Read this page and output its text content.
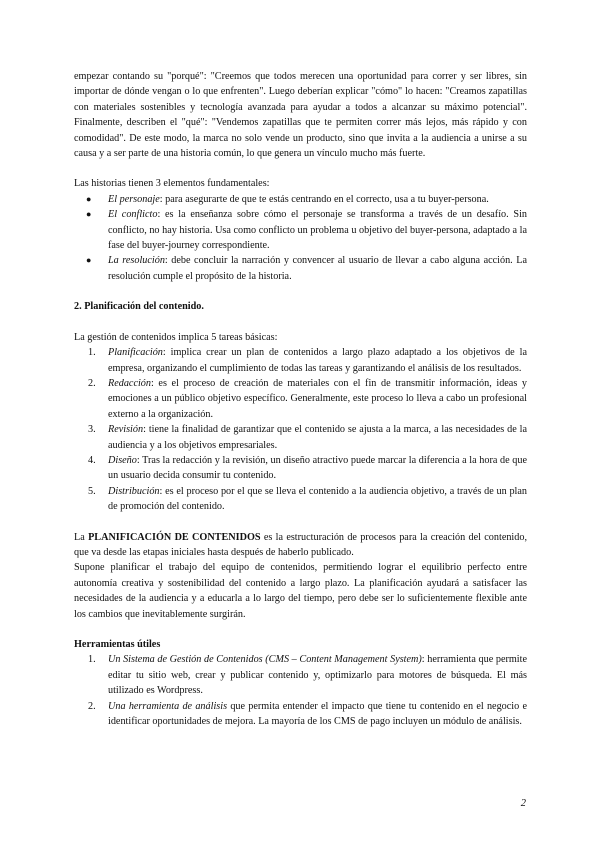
empezar contando su "porqué": "Creemos que todos merecen una oportunidad para correr y ser libres, sin importar de dónde vengan o lo que enfrenten". Luego deberían explicar "cómo" lo hacen: "Creamos zapatillas con materiales sostenibles y tecnología avanzada para ayudar a todos a alcanzar su máximo potencial". Finalmente, describen el "qué": "Vendemos zapatillas que te permiten correr más lejos, más rápido y con comodidad". De este modo, la marca no solo vende un producto, sino que invita a la audiencia a unirse a su causa y a ser parte de una historia común, lo que genera un vínculo mucho más fuerte.

Las historias tienen 3 elementos fundamentales:

● El personaje: para asegurarte de que te estás centrando en el correcto, usa a tu buyer-persona.
● El conflicto: es la enseñanza sobre cómo el personaje se transforma a través de un desafío. Sin conflicto, no hay historia. Usa como conflicto un problema u objetivo del buyer-persona, adaptado a la fase del buyer-journey correspondiente.
● La resolución: debe concluir la narración y convencer al usuario de llevar a cabo alguna acción. La resolución cumple el propósito de la historia.
2. Planificación del contenido.

La gestión de contenidos implica 5 tareas básicas:

1. Planificación: implica crear un plan de contenidos a largo plazo adaptado a los objetivos de la empresa, organizando el cumplimiento de todas las tareas y garantizando el análisis de los resultados.
2. Redacción: es el proceso de creación de materiales con el fin de transmitir información, ideas y emociones a un público objetivo específico. Generalmente, este proceso lo lleva a cabo un profesional externo a la organización.
3. Revisión: tiene la finalidad de garantizar que el contenido se ajusta a la marca, a las necesidades de la audiencia y a los objetivos empresariales.
4. Diseño: Tras la redacción y la revisión, un diseño atractivo puede marcar la diferencia a la hora de que un usuario decida consumir tu contenido.
5. Distribución: es el proceso por el que se lleva el contenido a la audiencia objetivo, a través de un plan de promoción del contenido.

La PLANIFICACIÓN DE CONTENIDOS es la estructuración de procesos para la creación del contenido, que va desde las etapas iniciales hasta después de haberlo publicado.

Supone planificar el trabajo del equipo de contenidos, permitiendo lograr el equilibrio perfecto entre autonomía creativa y sostenibilidad del contenido a largo plazo. La planificación ayudará a satisfacer las necesidades de la audiencia y a educarla a lo largo del tiempo, pero debe ser lo suficientemente flexible ante los cambios que inevitablemente surgirán.

Herramientas útiles
1. Un Sistema de Gestión de Contenidos (CMS – Content Management System): herramienta que permite editar tu sitio web, crear y publicar contenido y, optimizarlo para motores de búsqueda. El más utilizado es Wordpress.
2. Una herramienta de análisis que permita entender el impacto que tiene tu contenido en el negocio e identificar oportunidades de mejora. La mayoría de los CMS de pago incluyen un módulo de análisis.
2
